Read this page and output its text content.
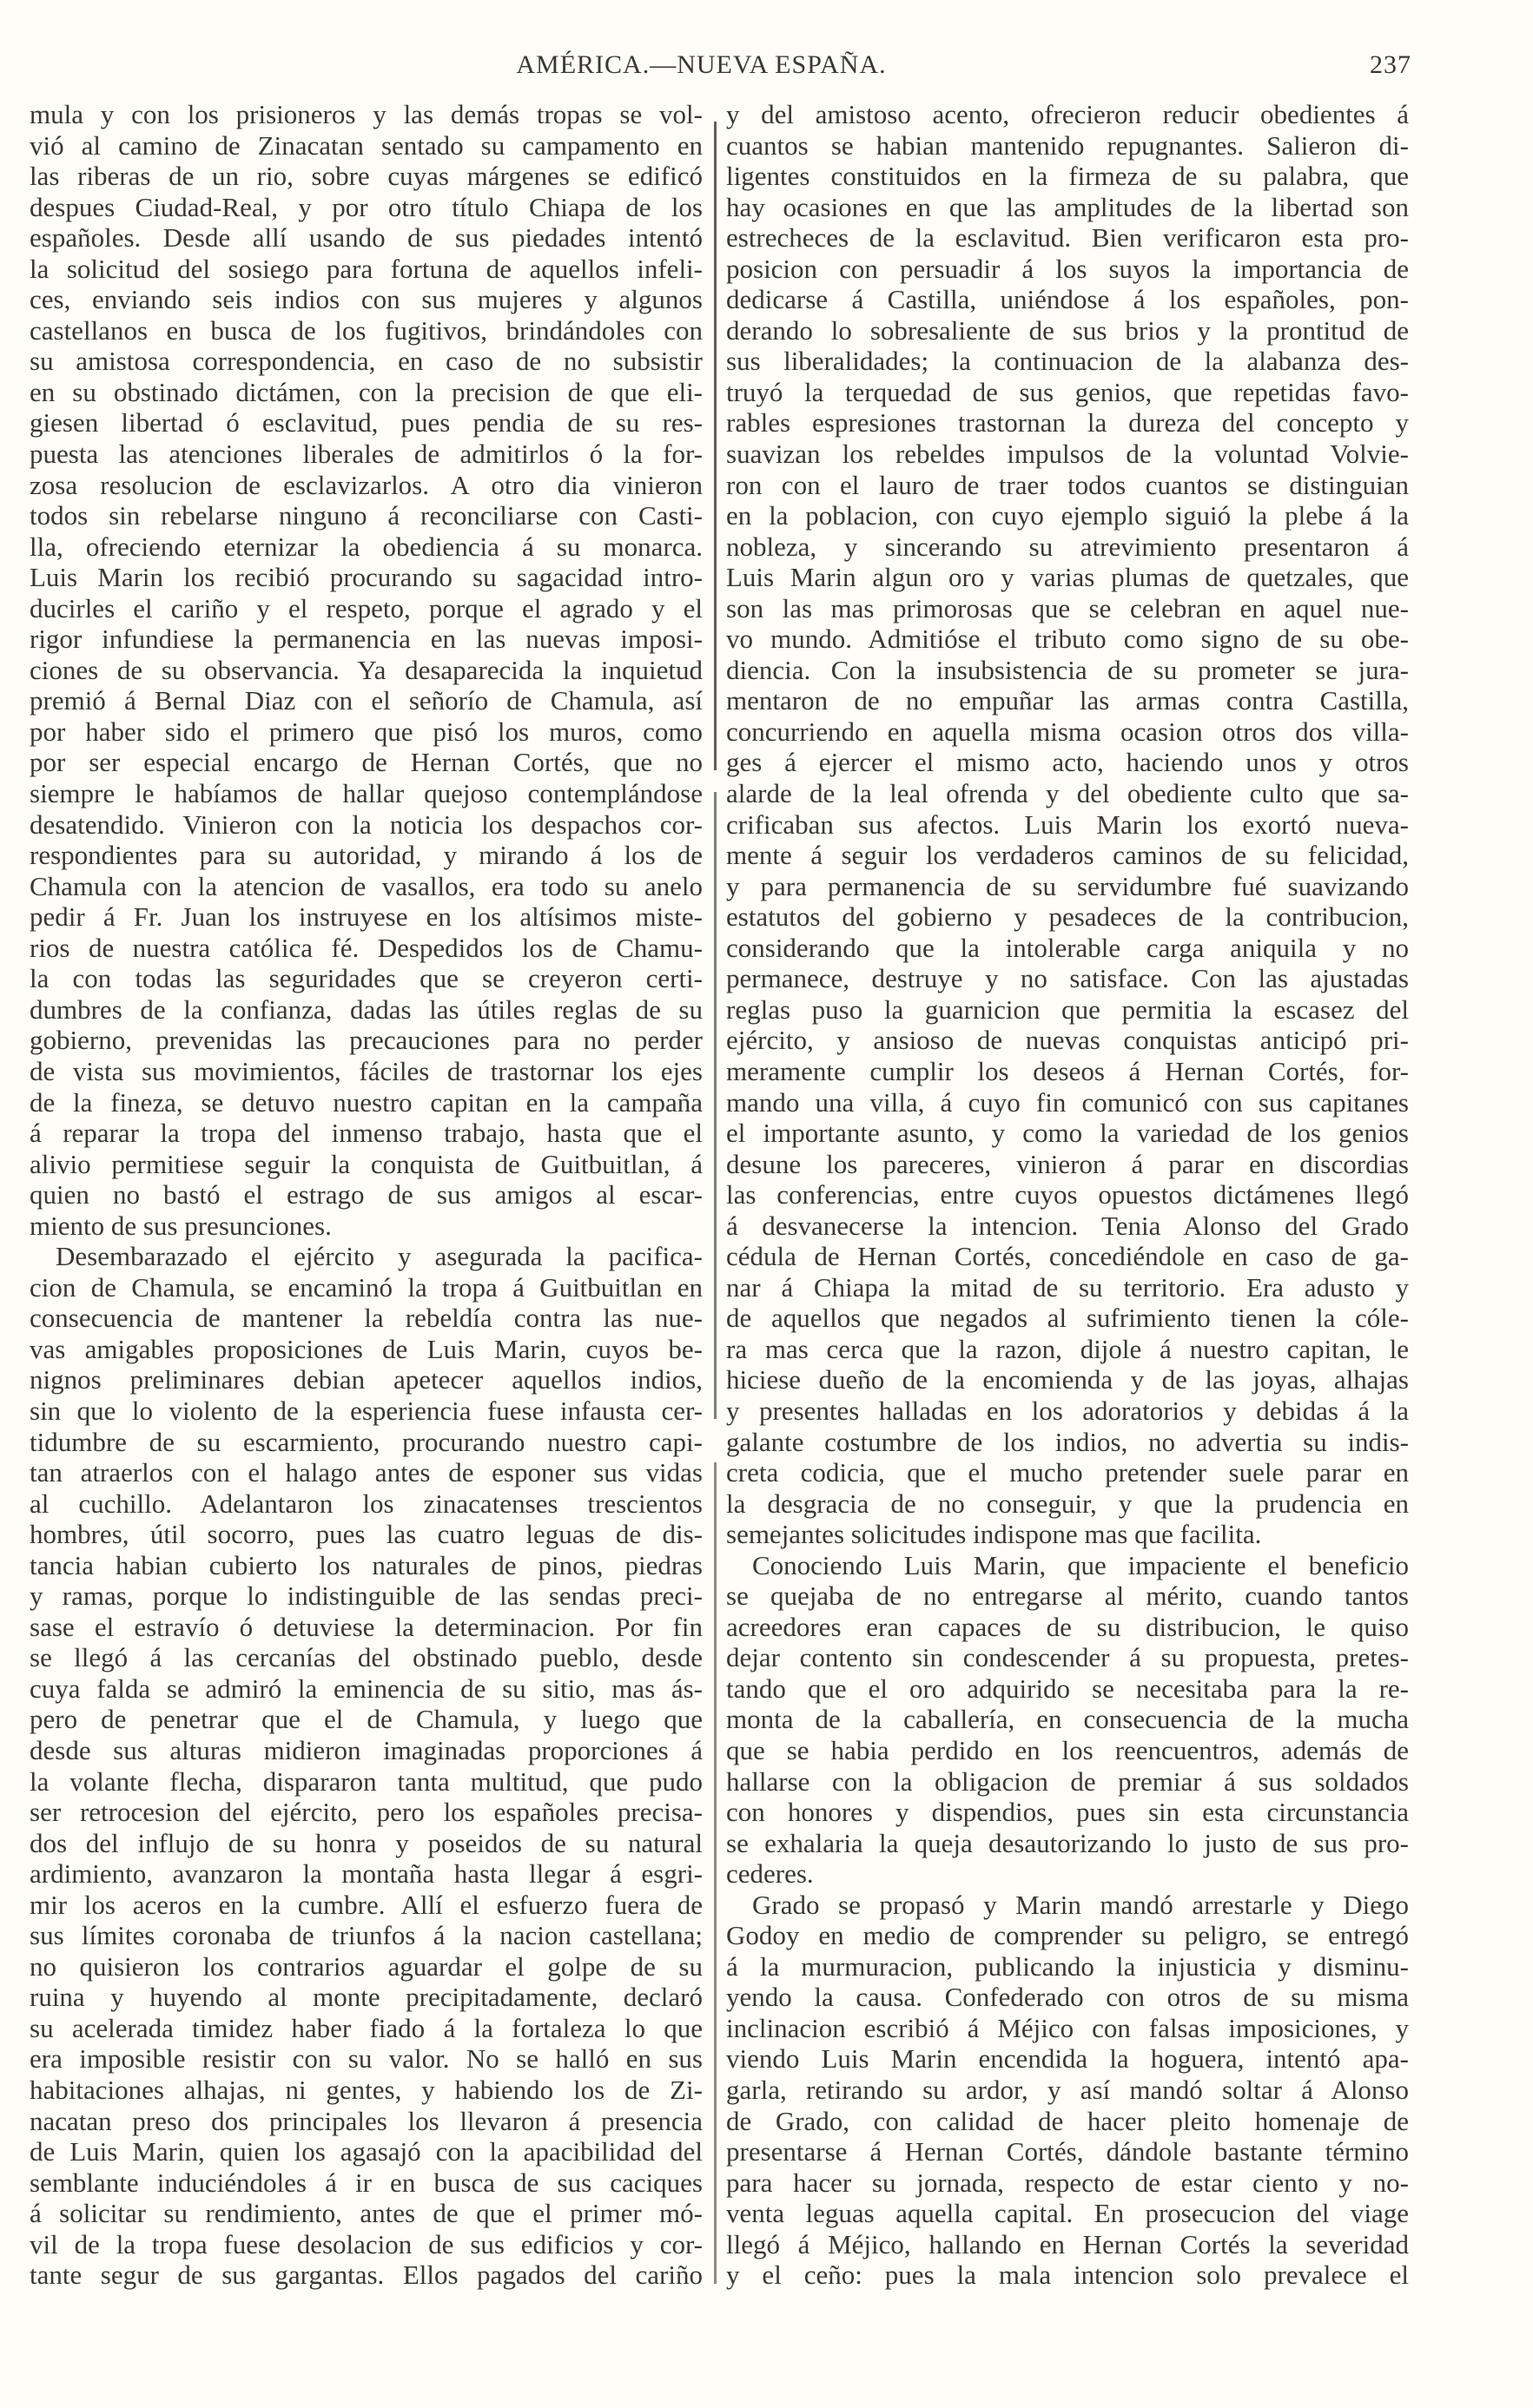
AMÉRICA.—NUEVA ESPAÑA.	237
mula y con los prisioneros y las demás tropas se vol-
vió al camino de Zinacatan sentado su campamento en
las riberas de un rio, sobre cuyas márgenes se edificó
despues Ciudad-Real, y por otro título Chiapa de los
españoles. Desde allí usando de sus piedades intentó
la solicitud del sosiego para fortuna de aquellos infeli-
ces, enviando seis indios con sus mujeres y algunos
castellanos en busca de los fugitivos, brindándoles con
su amistosa correspondencia, en caso de no subsistir
en su obstinado dictámen, con la precision de que eli-
giesen libertad ó esclavitud, pues pendia de su res-
puesta las atenciones liberales de admitirlos ó la for-
zosa resolucion de esclavizarlos. A otro dia vinieron
todos sin rebelarse ninguno á reconciliarse con Casti-
lla, ofreciendo eternizar la obediencia á su monarca.
Luis Marin los recibió procurando su sagacidad intro-
ducirles el cariño y el respeto, porque el agrado y el
rigor infundiese la permanencia en las nuevas imposi-
ciones de su observancia. Ya desaparecida la inquietud
premió á Bernal Diaz con el señorío de Chamula, así
por haber sido el primero que pisó los muros, como
por ser especial encargo de Hernan Cortés, que no
siempre le habíamos de hallar quejoso contemplándose
desatendido. Vinieron con la noticia los despachos cor-
respondientes para su autoridad, y mirando á los de
Chamula con la atencion de vasallos, era todo su anelo
pedir á Fr. Juan los instruyese en los altísimos miste-
rios de nuestra católica fé. Despedidos los de Chamu-
la con todas las seguridades que se creyeron certi-
dumbres de la confianza, dadas las útiles reglas de su
gobierno, prevenidas las precauciones para no perder
de vista sus movimientos, fáciles de trastornar los ejes
de la fineza, se detuvo nuestro capitan en la campaña
á reparar la tropa del inmenso trabajo, hasta que el
alivio permitiese seguir la conquista de Guitbuitlan, á
quien no bastó el estrago de sus amigos al escar-
miento de sus presunciones.
Desembarazado el ejército y asegurada la pacifica-
cion de Chamula, se encaminó la tropa á Guitbuitlan en
consecuencia de mantener la rebeldía contra las nue-
vas amigables proposiciones de Luis Marin, cuyos be-
nignos preliminares debian apetecer aquellos indios,
sin que lo violento de la esperiencia fuese infausta cer-
tidumbre de su escarmiento, procurando nuestro capi-
tan atraerlos con el halago antes de esponer sus vidas
al cuchillo. Adelantaron los zinacatenses trescientos
hombres, útil socorro, pues las cuatro leguas de dis-
tancia habian cubierto los naturales de pinos, piedras
y ramas, porque lo indistinguible de las sendas preci-
sase el estravío ó detuviese la determinacion. Por fin
se llegó á las cercanías del obstinado pueblo, desde
cuya falda se admiró la eminencia de su sitio, mas ás-
pero de penetrar que el de Chamula, y luego que
desde sus alturas midieron imaginadas proporciones á
la volante flecha, dispararon tanta multitud, que pudo
ser retrocesion del ejército, pero los españoles precisa-
dos del influjo de su honra y poseidos de su natural
ardimiento, avanzaron la montaña hasta llegar á esgri-
mir los aceros en la cumbre. Allí el esfuerzo fuera de
sus límites coronaba de triunfos á la nacion castellana;
no quisieron los contrarios aguardar el golpe de su
ruina y huyendo al monte precipitadamente, declaró
su acelerada timidez haber fiado á la fortaleza lo que
era imposible resistir con su valor. No se halló en sus
habitaciones alhajas, ni gentes, y habiendo los de Zi-
nacatan preso dos principales los llevaron á presencia
de Luis Marin, quien los agasajó con la apacibilidad del
semblante induciéndoles á ir en busca de sus caciques
á solicitar su rendimiento, antes de que el primer mó-
vil de la tropa fuese desolacion de sus edificios y cor-
tante segur de sus gargantas. Ellos pagados del cariño
y del amistoso acento, ofrecieron reducir obedientes á
cuantos se habian mantenido repugnantes. Salieron di-
ligentes constituidos en la firmeza de su palabra, que
hay ocasiones en que las amplitudes de la libertad son
estrecheces de la esclavitud. Bien verificaron esta pro-
posicion con persuadir á los suyos la importancia de
dedicarse á Castilla, uniéndose á los españoles, pon-
derando lo sobresaliente de sus brios y la prontitud de
sus liberalidades; la continuacion de la alabanza des-
truyó la terquedad de sus genios, que repetidas favo-
rables espresiones trastornan la dureza del concepto y
suavizan los rebeldes impulsos de la voluntad Volvie-
ron con el lauro de traer todos cuantos se distinguian
en la poblacion, con cuyo ejemplo siguió la plebe á la
nobleza, y sincerando su atrevimiento presentaron á
Luis Marin algun oro y varias plumas de quetzales, que
son las mas primorosas que se celebran en aquel nue-
vo mundo. Admitióse el tributo como signo de su obe-
diencia. Con la insubsistencia de su prometer se jura-
mentaron de no empuñar las armas contra Castilla,
concurriendo en aquella misma ocasion otros dos villa-
ges á ejercer el mismo acto, haciendo unos y otros
alarde de la leal ofrenda y del obediente culto que sa-
crificaban sus afectos. Luis Marin los exortó nueva-
mente á seguir los verdaderos caminos de su felicidad,
y para permanencia de su servidumbre fué suavizando
estatutos del gobierno y pesadeces de la contribucion,
considerando que la intolerable carga aniquila y no
permanece, destruye y no satisface. Con las ajustadas
reglas puso la guarnicion que permitia la escasez del
ejército, y ansioso de nuevas conquistas anticipó pri-
meramente cumplir los deseos á Hernan Cortés, for-
mando una villa, á cuyo fin comunicó con sus capitanes
el importante asunto, y como la variedad de los genios
desune los pareceres, vinieron á parar en discordias
las conferencias, entre cuyos opuestos dictámenes llegó
á desvanecerse la intencion. Tenia Alonso del Grado
cédula de Hernan Cortés, concediéndole en caso de ga-
nar á Chiapa la mitad de su territorio. Era adusto y
de aquellos que negados al sufrimiento tienen la cóle-
ra mas cerca que la razon, dijole á nuestro capitan, le
hiciese dueño de la encomienda y de las joyas, alhajas
y presentes halladas en los adoratorios y debidas á la
galante costumbre de los indios, no advertia su indis-
creta codicia, que el mucho pretender suele parar en
la desgracia de no conseguir, y que la prudencia en
semejantes solicitudes indispone mas que facilita.
Conociendo Luis Marin, que impaciente el beneficio
se quejaba de no entregarse al mérito, cuando tantos
acreedores eran capaces de su distribucion, le quiso
dejar contento sin condescender á su propuesta, pretes-
tando que el oro adquirido se necesitaba para la re-
monta de la caballería, en consecuencia de la mucha
que se habia perdido en los reencuentros, además de
hallarse con la obligacion de premiar á sus soldados
con honores y dispendios, pues sin esta circunstancia
se exhalaria la queja desautorizando lo justo de sus pro-
cederes.
Grado se propasó y Marin mandó arrestarle y Diego
Godoy en medio de comprender su peligro, se entregó
á la murmuracion, publicando la injusticia y disminu-
yendo la causa. Confederado con otros de su misma
inclinacion escribió á Méjico con falsas imposiciones, y
viendo Luis Marin encendida la hoguera, intentó apa-
garla, retirando su ardor, y así mandó soltar á Alonso
de Grado, con calidad de hacer pleito homenaje de
presentarse á Hernan Cortés, dándole bastante término
para hacer su jornada, respecto de estar ciento y no-
venta leguas aquella capital. En prosecucion del viage
llegó á Méjico, hallando en Hernan Cortés la severidad
y el ceño: pues la mala intencion solo prevalece el
